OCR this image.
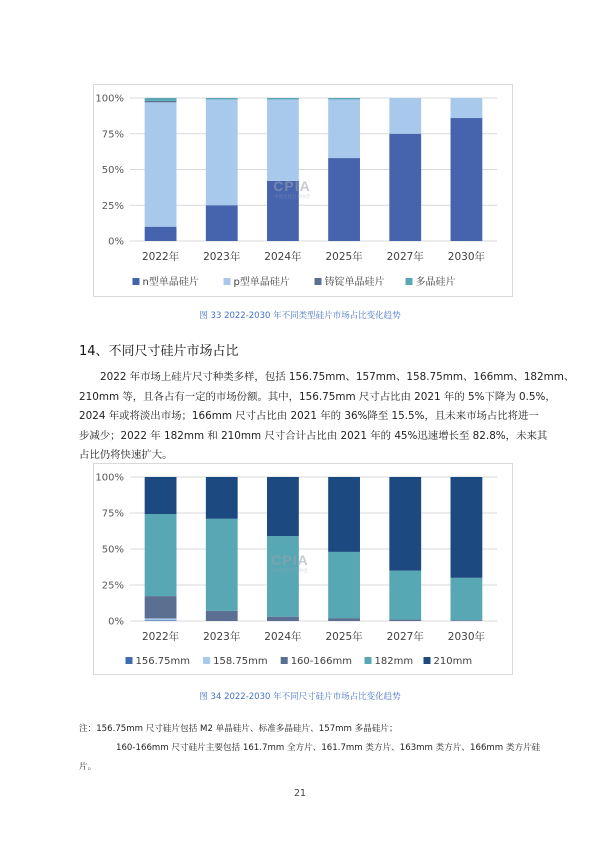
100%
75%
50%
25%
0%
2022年 2023年 2024年 2025年 2027年 2030年
n型单晶硅片	p型单晶硅片	铸锭单晶硅片	多晶硅片
CPIA
中国光伏行业协会
图 33 2022-2030 年不同类型硅片市场占比变化趋势
14、不同尺寸硅片市场占比
2022 年市场上硅片尺寸种类多样，包括 156.75mm、157mm、158.75mm、166mm、182mm、
210mm 等，且各占有一定的市场份额。其中，156.75mm 尺寸占比由 2021 年的 5%下降为 0.5%，
2024 年或将淡出市场；166mm 尺寸占比由 2021 年的 36%降至 15.5%，且未来市场占比将进一
步减少；2022 年 182mm 和 210mm 尺寸合计占比由 2021 年的 45%迅速增长至 82.8%，未来其
占比仍将快速扩大。
100%
75%
50%
25%
0%
2022年 2023年 2024年 2025年 2027年 2030年
156.75mm 158.75mm 160-166mm 182mm 210mm
CPIA
中国光伏行业协会
图 34 2022-2030 年不同尺寸硅片市场占比变化趋势
注：156.75mm 尺寸硅片包括 M2 单晶硅片、标准多晶硅片、157mm 多晶硅片；
160-166mm 尺寸硅片主要包括 161.7mm 全方片、161.7mm 类方片、163mm 类方片、166mm 类方片硅
片。
21
